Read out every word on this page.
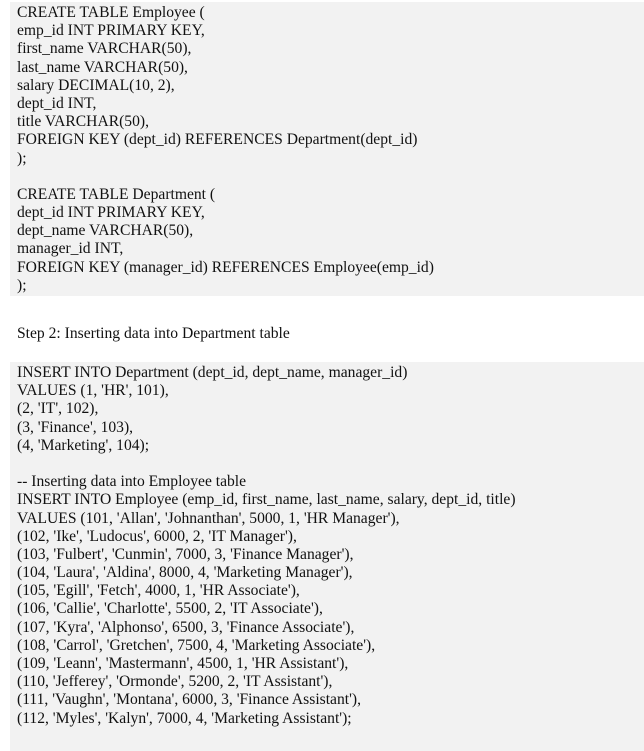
CREATE TABLE Employee (
emp_id INT PRIMARY KEY,
first_name VARCHAR(50),
last_name VARCHAR(50),
salary DECIMAL(10, 2),
dept_id INT,
title VARCHAR(50),
FOREIGN KEY (dept_id) REFERENCES Department(dept_id)
);
CREATE TABLE Department (
dept_id INT PRIMARY KEY,
dept_name VARCHAR(50),
manager_id INT,
FOREIGN KEY (manager_id) REFERENCES Employee(emp_id)
);
Step 2: Inserting data into Department table
INSERT INTO Department (dept_id, dept_name, manager_id)
VALUES (1, 'HR', 101),
(2, 'IT', 102),
(3, 'Finance', 103),
(4, 'Marketing', 104);
-- Inserting data into Employee table
INSERT INTO Employee (emp_id, first_name, last_name, salary, dept_id, title)
VALUES (101, 'Allan', 'Johnanthan', 5000, 1, 'HR Manager'),
(102, 'Ike', 'Ludocus', 6000, 2, 'IT Manager'),
(103, 'Fulbert', 'Cunmin', 7000, 3, 'Finance Manager'),
(104, 'Laura', 'Aldina', 8000, 4, 'Marketing Manager'),
(105, 'Egill', 'Fetch', 4000, 1, 'HR Associate'),
(106, 'Callie', 'Charlotte', 5500, 2, 'IT Associate'),
(107, 'Kyra', 'Alphonso', 6500, 3, 'Finance Associate'),
(108, 'Carrol', 'Gretchen', 7500, 4, 'Marketing Associate'),
(109, 'Leann', 'Mastermann', 4500, 1, 'HR Assistant'),
(110, 'Jefferey', 'Ormonde', 5200, 2, 'IT Assistant'),
(111, 'Vaughn', 'Montana', 6000, 3, 'Finance Assistant'),
(112, 'Myles', 'Kalyn', 7000, 4, 'Marketing Assistant');
